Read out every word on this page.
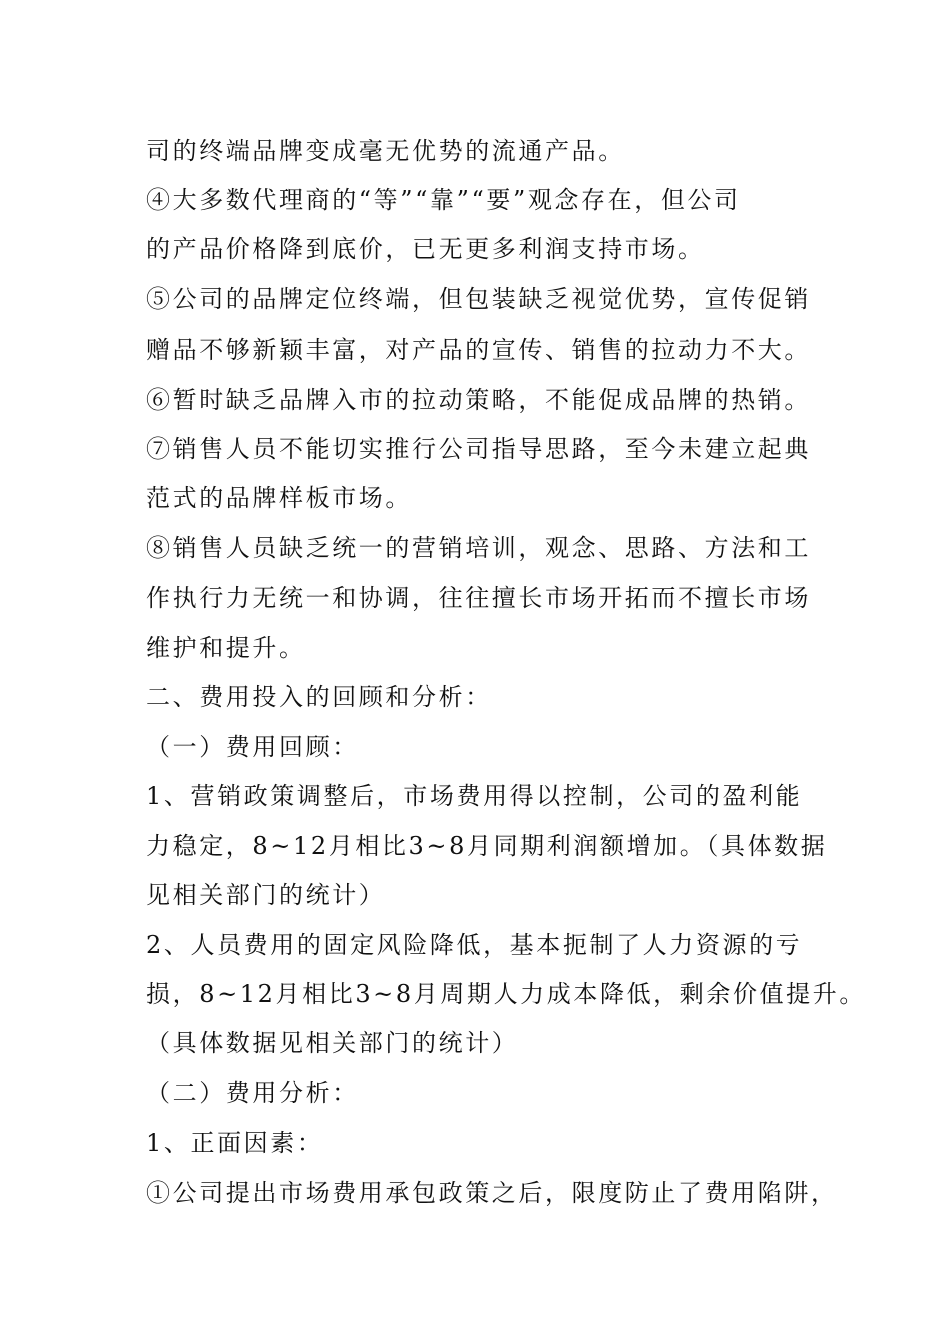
司的终端品牌变成毫无优势的流通产品。
④大多数代理商的“等”“靠”“要”观念存在，但公司
的产品价格降到底价，已无更多利润支持市场。
⑤公司的品牌定位终端，但包装缺乏视觉优势，宣传促销
赠品不够新颖丰富，对产品的宣传、销售的拉动力不大。
⑥暂时缺乏品牌入市的拉动策略，不能促成品牌的热销。
⑦销售人员不能切实推行公司指导思路，至今未建立起典
范式的品牌样板市场。
⑧销售人员缺乏统一的营销培训，观念、思路、方法和工
作执行力无统一和协调，往往擅长市场开拓而不擅长市场
维护和提升。
二、费用投入的回顾和分析：
（一）费用回顾：
1、营销政策调整后，市场费用得以控制，公司的盈利能
力稳定，8~12月相比3~8月同期利润额增加。（具体数据
见相关部门的统计）
2、人员费用的固定风险降低，基本扼制了人力资源的亏
损，8~12月相比3~8月周期人力成本降低，剩余价值提升。
（具体数据见相关部门的统计）
（二）费用分析：
1、正面因素：
①公司提出市场费用承包政策之后，限度防止了费用陷阱，
